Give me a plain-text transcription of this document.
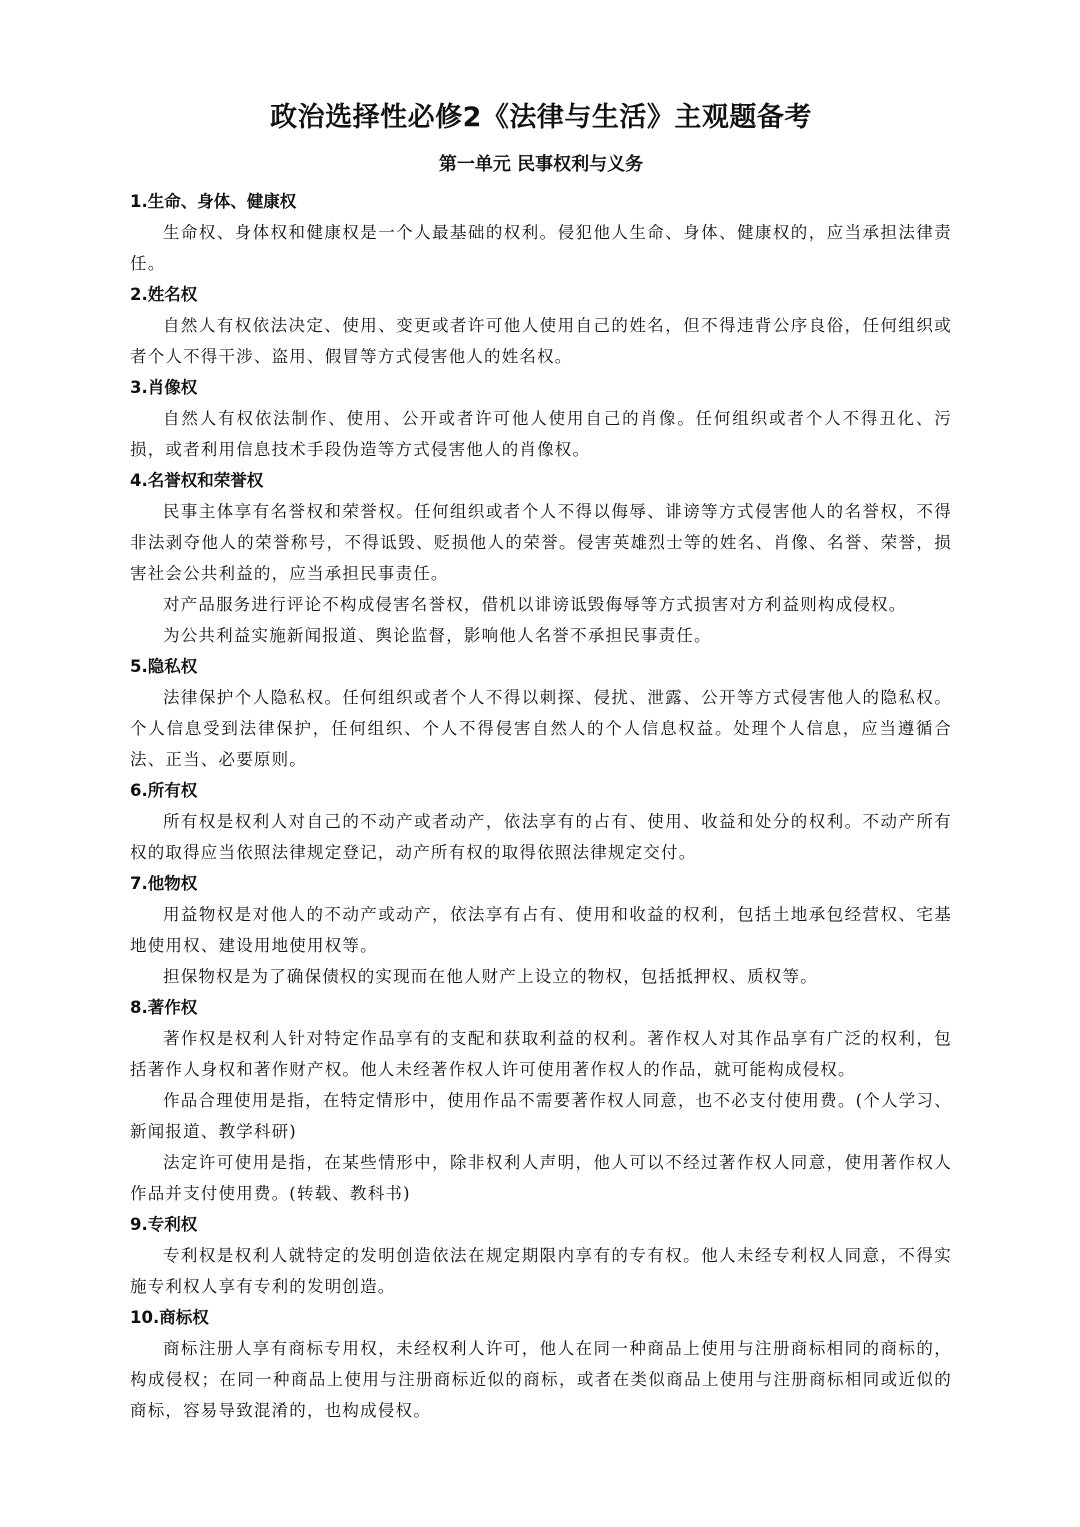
政治选择性必修2《法律与生活》主观题备考
第一单元 民事权利与义务
1.生命、身体、健康权

生命权、身体权和健康权是一个人最基础的权利。侵犯他人生命、身体、健康权的，应当承担法律责任。

2.姓名权

自然人有权依法决定、使用、变更或者许可他人使用自己的姓名，但不得违背公序良俗，任何组织或者个人不得干涉、盗用、假冒等方式侵害他人的姓名权。

3.肖像权

自然人有权依法制作、使用、公开或者许可他人使用自己的肖像。任何组织或者个人不得丑化、污损，或者利用信息技术手段伪造等方式侵害他人的肖像权。

4.名誉权和荣誉权

民事主体享有名誉权和荣誉权。任何组织或者个人不得以侮辱、诽谤等方式侵害他人的名誉权，不得非法剥夺他人的荣誉称号，不得诋毁、贬损他人的荣誉。侵害英雄烈士等的姓名、肖像、名誉、荣誉，损害社会公共利益的，应当承担民事责任。

对产品服务进行评论不构成侵害名誉权，借机以诽谤诋毁侮辱等方式损害对方利益则构成侵权。

为公共利益实施新闻报道、舆论监督，影响他人名誉不承担民事责任。

5.隐私权

法律保护个人隐私权。任何组织或者个人不得以刺探、侵扰、泄露、公开等方式侵害他人的隐私权。个人信息受到法律保护，任何组织、个人不得侵害自然人的个人信息权益。处理个人信息，应当遵循合法、正当、必要原则。

6.所有权

所有权是权利人对自己的不动产或者动产，依法享有的占有、使用、收益和处分的权利。不动产所有权的取得应当依照法律规定登记，动产所有权的取得依照法律规定交付。

7.他物权

用益物权是对他人的不动产或动产，依法享有占有、使用和收益的权利，包括土地承包经营权、宅基地使用权、建设用地使用权等。

担保物权是为了确保债权的实现而在他人财产上设立的物权，包括抵押权、质权等。

8.著作权

著作权是权利人针对特定作品享有的支配和获取利益的权利。著作权人对其作品享有广泛的权利，包括著作人身权和著作财产权。他人未经著作权人许可使用著作权人的作品，就可能构成侵权。

作品合理使用是指，在特定情形中，使用作品不需要著作权人同意，也不必支付使用费。(个人学习、新闻报道、教学科研)

法定许可使用是指，在某些情形中，除非权利人声明，他人可以不经过著作权人同意，使用著作权人作品并支付使用费。(转载、教科书)

9.专利权

专利权是权利人就特定的发明创造依法在规定期限内享有的专有权。他人未经专利权人同意，不得实施专利权人享有专利的发明创造。

10.商标权

商标注册人享有商标专用权，未经权利人许可，他人在同一种商品上使用与注册商标相同的商标的，构成侵权；在同一种商品上使用与注册商标近似的商标，或者在类似商品上使用与注册商标相同或近似的商标，容易导致混淆的，也构成侵权。
